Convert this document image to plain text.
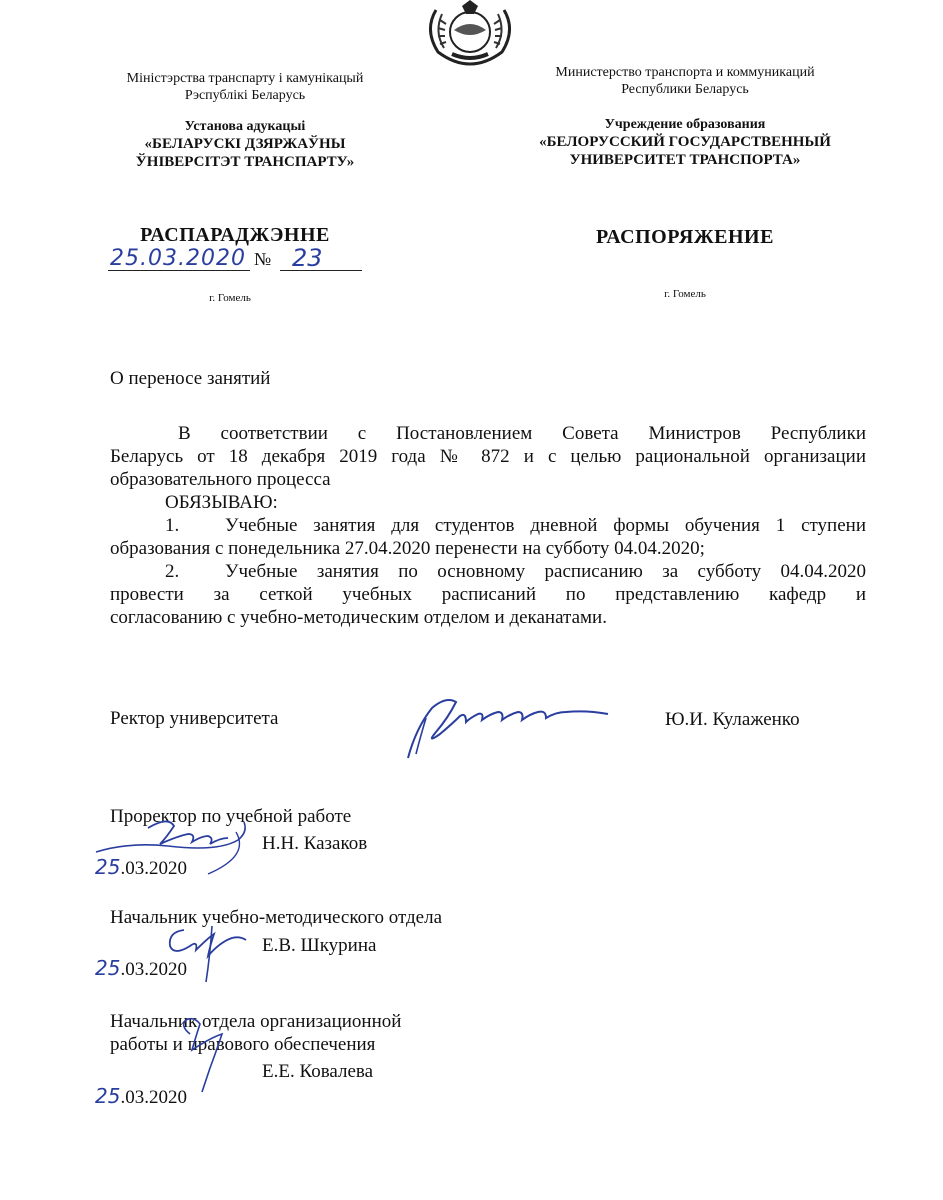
Міністэрства транспарту і камунікацый
Рэспублікі Беларусь
Установа адукацыі
«БЕЛАРУСКІ ДЗЯРЖАЎНЫ
ЎНІВЕРСІТЭТ ТРАНСПАРТУ»
РАСПАРАДЖЭННЕ
25.03.2020 № 23
г. Гомель
Министерство транспорта и коммуникаций
Республики Беларусь
Учреждение образования
«БЕЛОРУССКИЙ ГОСУДАРСТВЕННЫЙ
УНИВЕРСИТЕТ ТРАНСПОРТА»
РАСПОРЯЖЕНИЕ
г. Гомель
О переносе занятий
В соответствии с Постановлением Совета Министров Республики
Беларусь от 18 декабря 2019 года № 872 и с целью рациональной организации
образовательного процесса
ОБЯЗЫВАЮ:
1. Учебные занятия для студентов дневной формы обучения 1 ступени
образования с понедельника 27.04.2020 перенести на субботу 04.04.2020;
2. Учебные занятия по основному расписанию за субботу 04.04.2020
провести за сеткой учебных расписаний по представлению кафедр и
согласованию с учебно-методическим отделом и деканатами.
Ректор университета	Ю.И. Кулаженко
Проректор по учебной работе
Н.Н. Казаков
25.03.2020
Начальник учебно-методического отдела
Е.В. Шкурина
25.03.2020
Начальник отдела организационной
работы и правового обеспечения
Е.Е. Ковалева
25.03.2020
